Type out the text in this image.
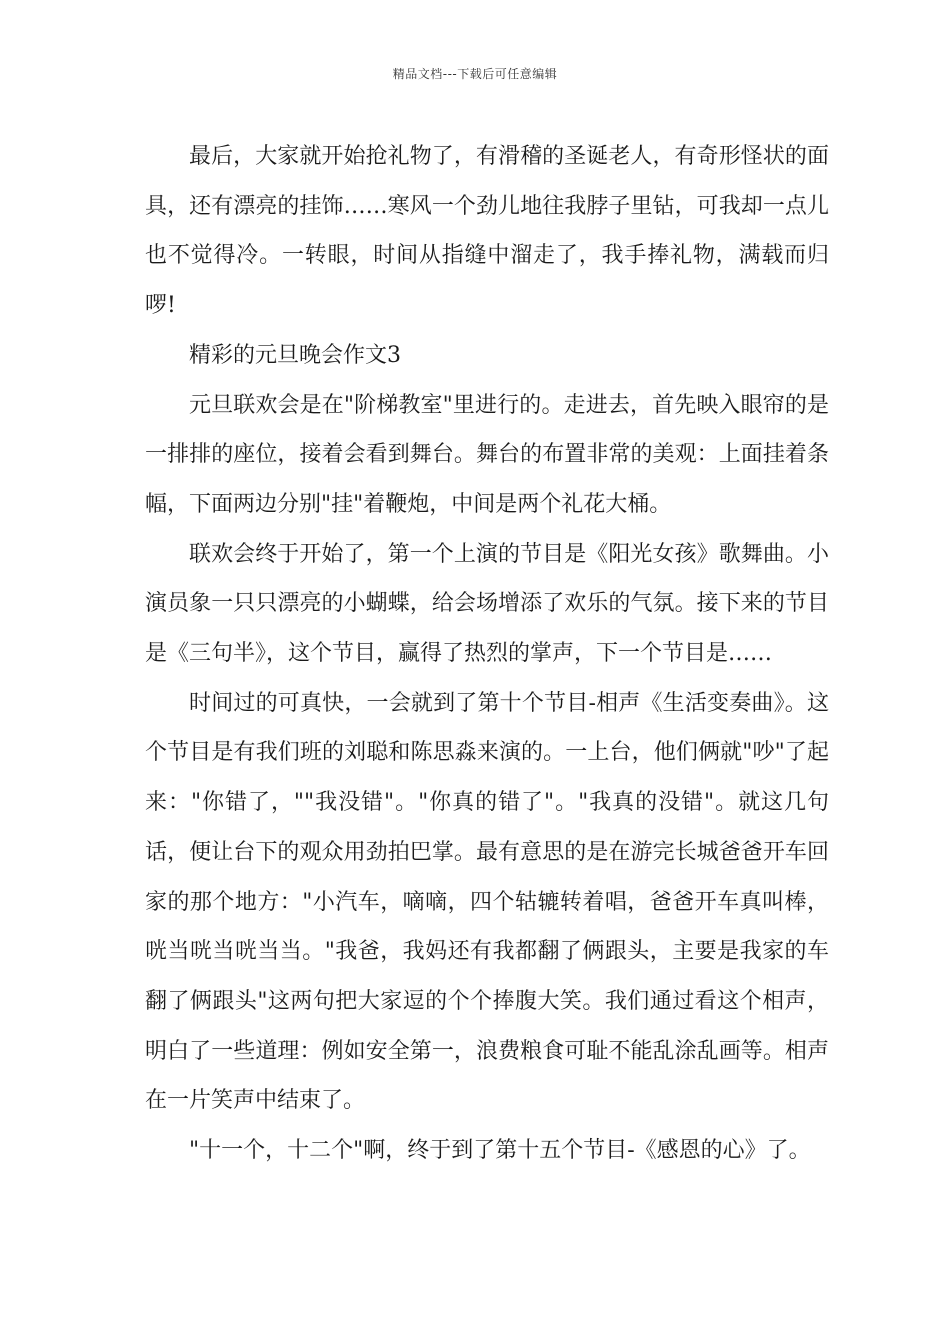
精品文档---下载后可任意编辑

最后，大家就开始抢礼物了，有滑稽的圣诞老人，有奇形怪状的面具，还有漂亮的挂饰……寒风一个劲儿地往我脖子里钻，可我却一点儿也不觉得冷。一转眼，时间从指缝中溜走了，我手捧礼物，满载而归啰!

精彩的元旦晚会作文3

元旦联欢会是在"阶梯教室"里进行的。走进去，首先映入眼帘的是一排排的座位，接着会看到舞台。舞台的布置非常的美观：上面挂着条幅，下面两边分别"挂"着鞭炮，中间是两个礼花大桶。

联欢会终于开始了，第一个上演的节目是《阳光女孩》歌舞曲。小演员象一只只漂亮的小蝴蝶，给会场增添了欢乐的气氛。接下来的节目是《三句半》，这个节目，赢得了热烈的掌声，下一个节目是……

时间过的可真快，一会就到了第十个节目-相声《生活变奏曲》。这个节目是有我们班的刘聪和陈思淼来演的。一上台，他们俩就"吵"了起来："你错了，""我没错"。"你真的错了"。"我真的没错"。就这几句话，便让台下的观众用劲拍巴掌。最有意思的是在游完长城爸爸开车回家的那个地方："小汽车，嘀嘀，四个轱辘转着唱，爸爸开车真叫棒，咣当咣当咣当当。"我爸，我妈还有我都翻了俩跟头，主要是我家的车翻了俩跟头"这两句把大家逗的个个捧腹大笑。我们通过看这个相声，明白了一些道理：例如安全第一，浪费粮食可耻不能乱涂乱画等。相声在一片笑声中结束了。

"十一个，十二个"啊，终于到了第十五个节目-《感恩的心》了。
